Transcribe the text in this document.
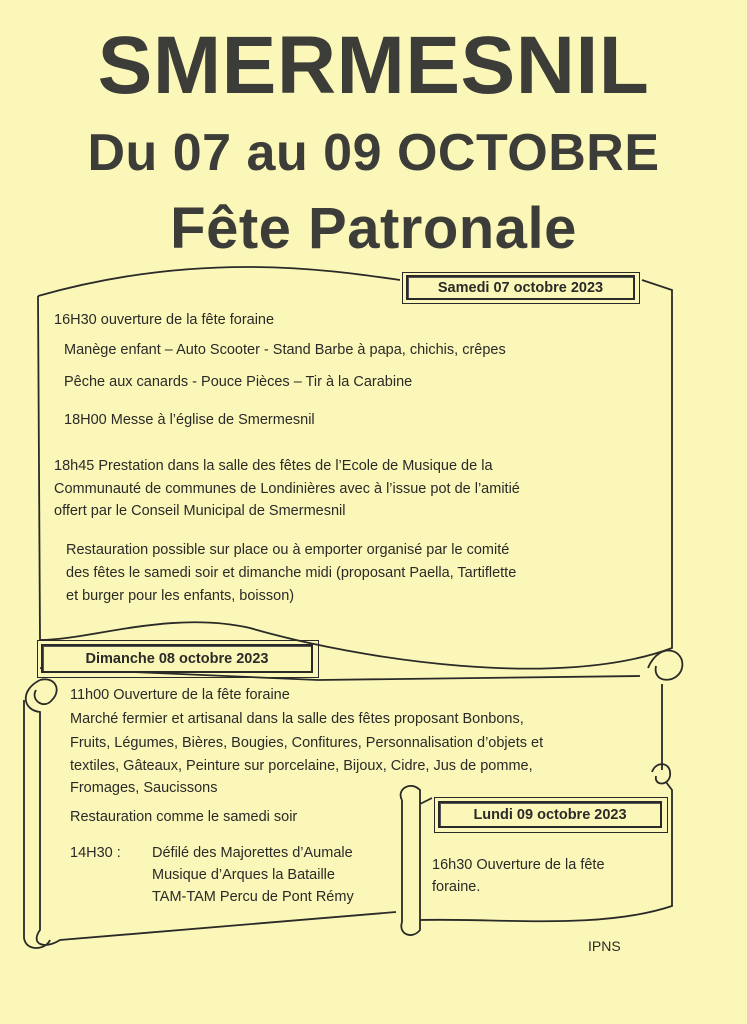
SMERMESNIL
Du 07 au 09 OCTOBRE
Fête Patronale
Samedi 07 octobre 2023
Dimanche 08 octobre 2023
Lundi 09 octobre 2023
16H30 ouverture de la fête foraine
Manège enfant – Auto Scooter - Stand Barbe à papa, chichis, crêpes
Pêche aux canards - Pouce Pièces – Tir à la Carabine
18H00 Messe à l’église de Smermesnil
18h45 Prestation dans la salle des fêtes de l’Ecole de Musique de la
Communauté de communes de Londinières avec à l’issue pot de l’amitié
offert par le Conseil Municipal de Smermesnil
Restauration possible sur place ou à emporter organisé par le comité
des fêtes le samedi soir et dimanche midi (proposant Paella, Tartiflette
et burger pour les enfants, boisson)
11h00 Ouverture de la fête foraine
Marché fermier et artisanal dans la salle des fêtes proposant Bonbons,
Fruits, Légumes, Bières, Bougies, Confitures, Personnalisation d’objets et
textiles, Gâteaux, Peinture sur porcelaine, Bijoux, Cidre, Jus de pomme,
Fromages, Saucissons
Restauration comme le samedi soir
14H30 : Défilé des Majorettes d’Aumale
Musique d’Arques la Bataille
TAM-TAM Percu de Pont Rémy
16h30 Ouverture de la fête
foraine.
IPNS
